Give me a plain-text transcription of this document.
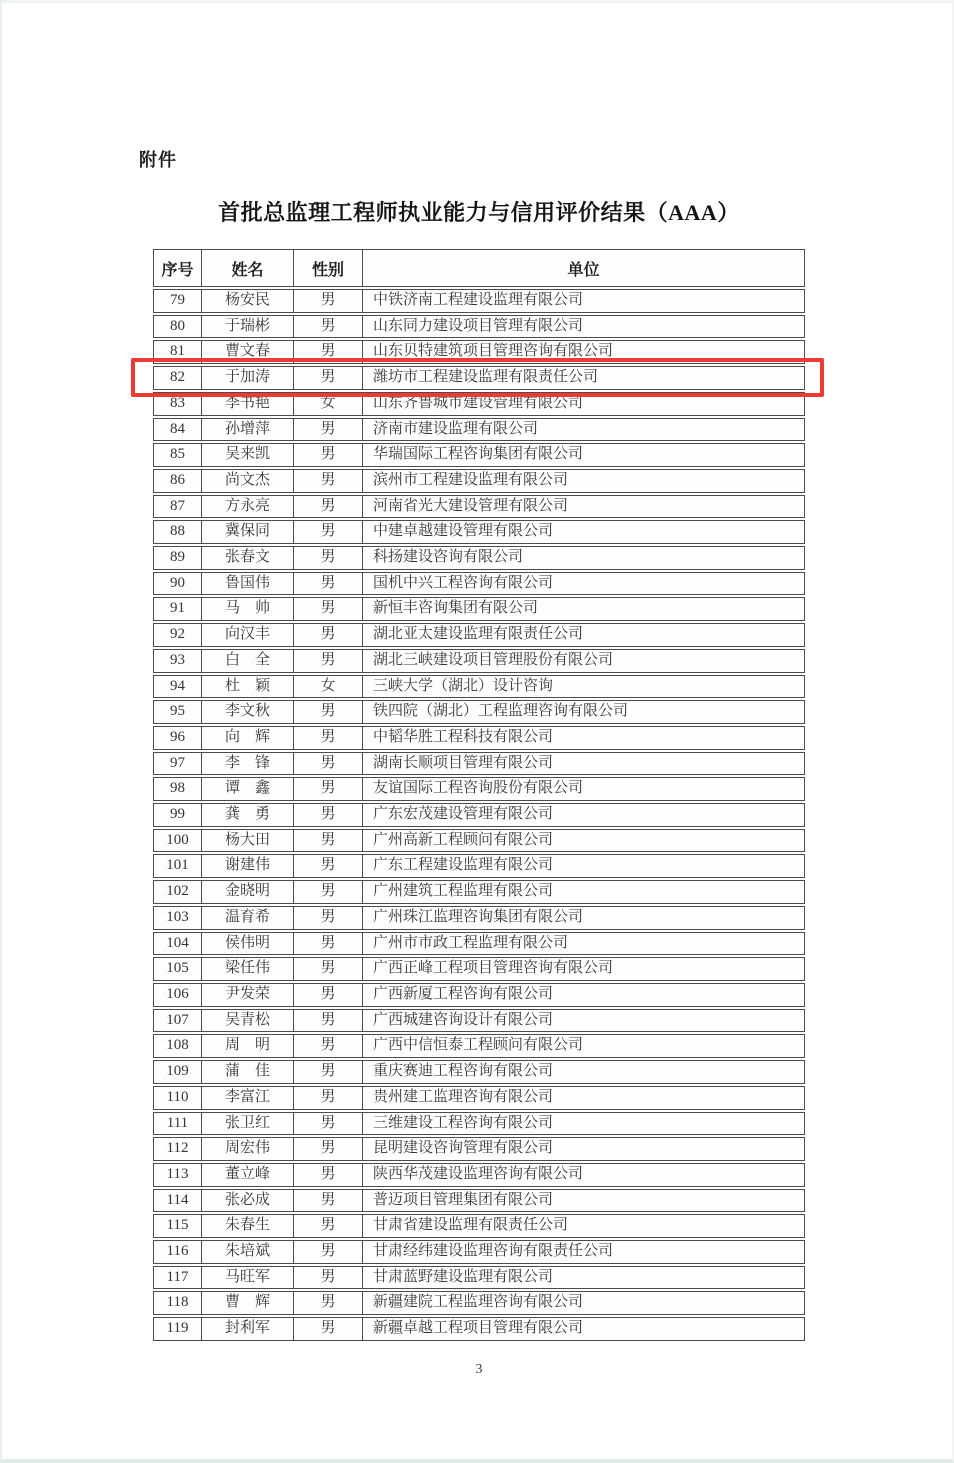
附件
首批总监理工程师执业能力与信用评价结果（AAA）
序号	姓名	性别	单位
79	杨安民	男	中铁济南工程建设监理有限公司
80	于瑞彬	男	山东同力建设项目管理有限公司
81	曹文春	男	山东贝特建筑项目管理咨询有限公司
82	于加涛	男	潍坊市工程建设监理有限责任公司
83	李书艳	女	山东齐鲁城市建设管理有限公司
84	孙增萍	男	济南市建设监理有限公司
85	吴来凯	男	华瑞国际工程咨询集团有限公司
86	尚文杰	男	滨州市工程建设监理有限公司
87	方永亮	男	河南省光大建设管理有限公司
88	冀保同	男	中建卓越建设管理有限公司
89	张春文	男	科扬建设咨询有限公司
90	鲁国伟	男	国机中兴工程咨询有限公司
91	马　帅	男	新恒丰咨询集团有限公司
92	向汉丰	男	湖北亚太建设监理有限责任公司
93	白　全	男	湖北三峡建设项目管理股份有限公司
94	杜　颖	女	三峡大学（湖北）设计咨询
95	李文秋	男	铁四院（湖北）工程监理咨询有限公司
96	向　辉	男	中韬华胜工程科技有限公司
97	李　锋	男	湖南长顺项目管理有限公司
98	谭　鑫	男	友谊国际工程咨询股份有限公司
99	龚　勇	男	广东宏茂建设管理有限公司
100	杨大田	男	广州高新工程顾问有限公司
101	谢建伟	男	广东工程建设监理有限公司
102	金晓明	男	广州建筑工程监理有限公司
103	温育希	男	广州珠江监理咨询集团有限公司
104	侯伟明	男	广州市市政工程监理有限公司
105	梁任伟	男	广西正峰工程项目管理咨询有限公司
106	尹发荣	男	广西新厦工程咨询有限公司
107	吴青松	男	广西城建咨询设计有限公司
108	周　明	男	广西中信恒泰工程顾问有限公司
109	蒲　佳	男	重庆赛迪工程咨询有限公司
110	李富江	男	贵州建工监理咨询有限公司
111	张卫红	男	三维建设工程咨询有限公司
112	周宏伟	男	昆明建设咨询管理有限公司
113	董立峰	男	陕西华茂建设监理咨询有限公司
114	张必成	男	普迈项目管理集团有限公司
115	朱春生	男	甘肃省建设监理有限责任公司
116	朱培斌	男	甘肃经纬建设监理咨询有限责任公司
117	马旺军	男	甘肃蓝野建设监理有限公司
118	曹　辉	男	新疆建院工程监理咨询有限公司
119	封利军	男	新疆卓越工程项目管理有限公司
3
